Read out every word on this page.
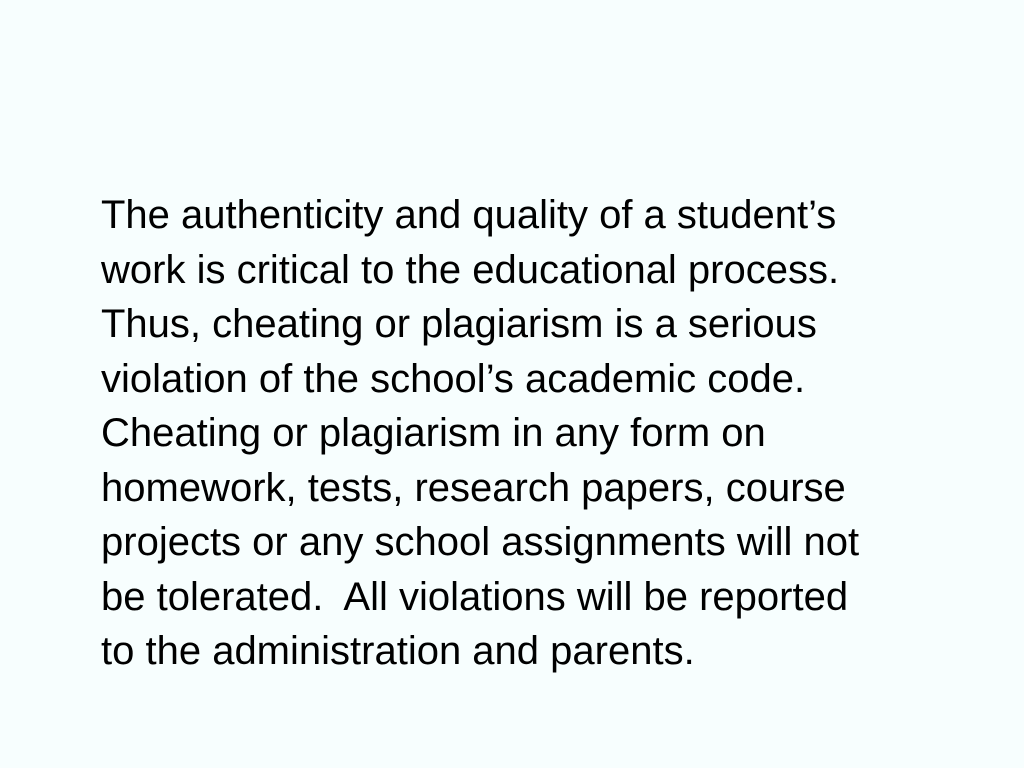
The authenticity and quality of a student’s
work is critical to the educational process.
Thus, cheating or plagiarism is a serious
violation of the school’s academic code.
Cheating or plagiarism in any form on
homework, tests, research papers, course
projects or any school assignments will not
be tolerated.  All violations will be reported
to the administration and parents.
